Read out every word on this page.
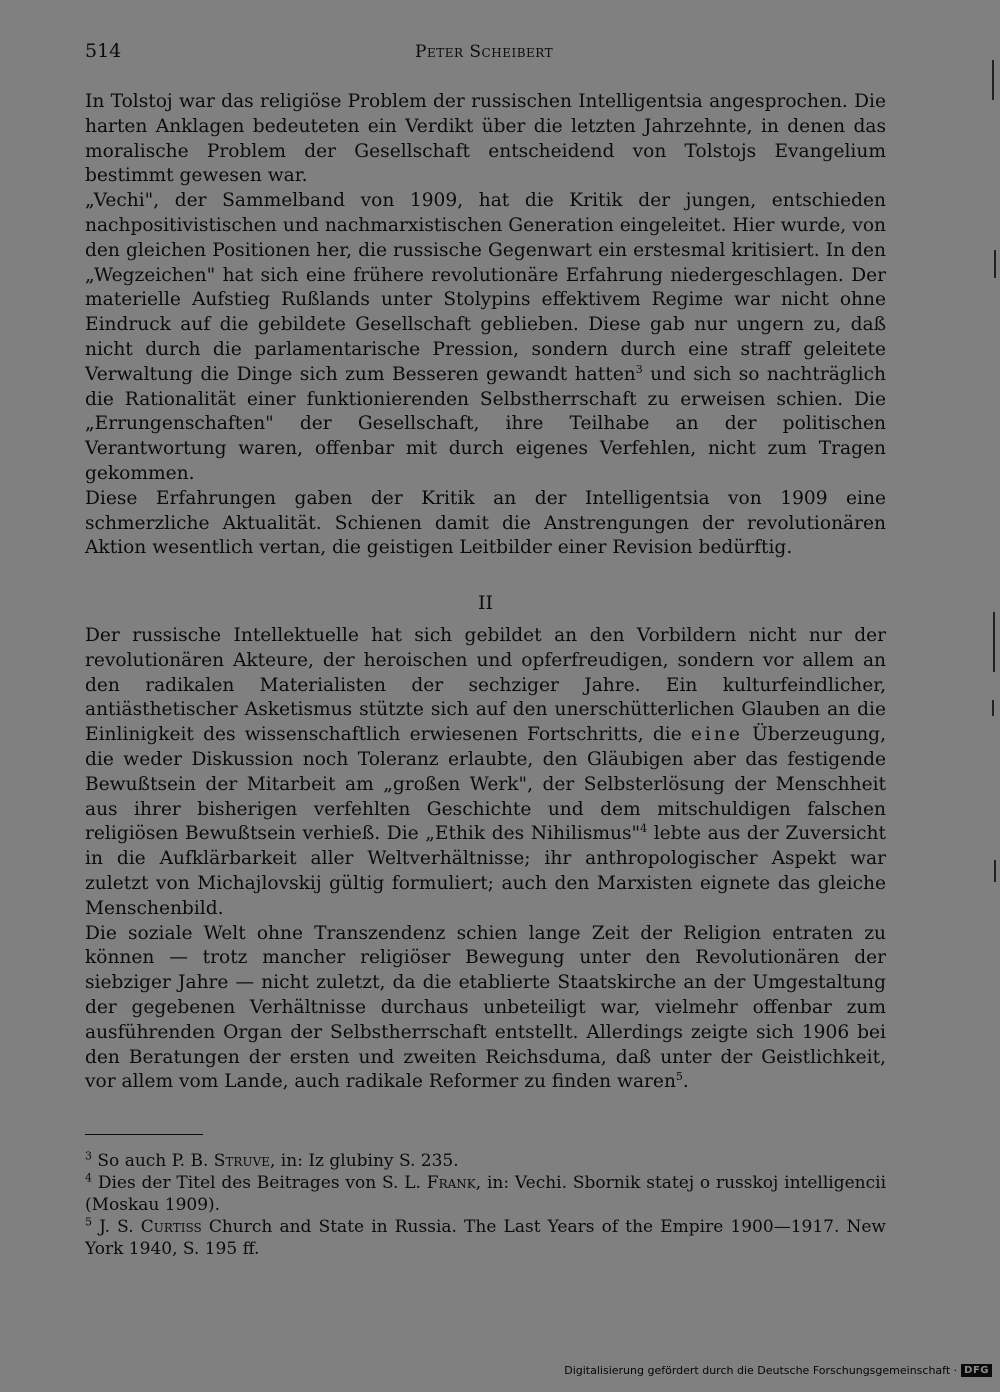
514	Peter Scheibert

In Tolstoj war das religiöse Problem der russischen Intelligentsia angesprochen. Die harten Anklagen bedeuteten ein Verdikt über die letzten Jahrzehnte, in denen das moralische Problem der Gesellschaft entscheidend von Tolstojs Evangelium bestimmt gewesen war.

„Vechi", der Sammelband von 1909, hat die Kritik der jungen, entschieden nachpositivistischen und nachmarxistischen Generation eingeleitet. Hier wurde, von den gleichen Positionen her, die russische Gegenwart ein erstesmal kritisiert. In den „Wegzeichen" hat sich eine frühere revolutionäre Erfahrung niedergeschlagen. Der materielle Aufstieg Rußlands unter Stolypins effektivem Regime war nicht ohne Eindruck auf die gebildete Gesellschaft geblieben. Diese gab nur ungern zu, daß nicht durch die parlamentarische Pression, sondern durch eine straff geleitete Verwaltung die Dinge sich zum Besseren gewandt hatten$^3$ und sich so nachträglich die Rationalität einer funktionierenden Selbstherrschaft zu erweisen schien. Die „Errungenschaften" der Gesellschaft, ihre Teilhabe an der politischen Verantwortung waren, offenbar mit durch eigenes Verfehlen, nicht zum Tragen gekommen.

Diese Erfahrungen gaben der Kritik an der Intelligentsia von 1909 eine schmerzliche Aktualität. Schienen damit die Anstrengungen der revolutionären Aktion wesentlich vertan, die geistigen Leitbilder einer Revision bedürftig.

II

Der russische Intellektuelle hat sich gebildet an den Vorbildern nicht nur der revolutionären Akteure, der heroischen und opferfreudigen, sondern vor allem an den radikalen Materialisten der sechziger Jahre. Ein kulturfeindlicher, antiästhetischer Asketismus stützte sich auf den unerschütterlichen Glauben an die Einlinigkeit des wissenschaftlich erwiesenen Fortschritts, die eine Überzeugung, die weder Diskussion noch Toleranz erlaubte, den Gläubigen aber das festigende Bewußtsein der Mitarbeit am „großen Werk", der Selbsterlösung der Menschheit aus ihrer bisherigen verfehlten Geschichte und dem mitschuldigen falschen religiösen Bewußtsein verhieß. Die „Ethik des Nihilismus"$^4$ lebte aus der Zuversicht in die Aufklärbarkeit aller Weltverhältnisse; ihr anthropologischer Aspekt war zuletzt von Michajlovskij gültig formuliert; auch den Marxisten eignete das gleiche Menschenbild.

Die soziale Welt ohne Transzendenz schien lange Zeit der Religion entraten zu können — trotz mancher religiöser Bewegung unter den Revolutionären der siebziger Jahre — nicht zuletzt, da die etablierte Staatskirche an der Umgestaltung der gegebenen Verhältnisse durchaus unbeteiligt war, vielmehr offenbar zum ausführenden Organ der Selbstherrschaft entstellt. Allerdings zeigte sich 1906 bei den Beratungen der ersten und zweiten Reichsduma, daß unter der Geistlichkeit, vor allem vom Lande, auch radikale Reformer zu finden waren$^5$.

$^3$ So auch P. B. Struve, in: Iz glubiny S. 235.

$^4$ Dies der Titel des Beitrages von S. L. Frank, in: Vechi. Sbornik statej o russkoj intelligencii (Moskau 1909).

$^5$ J. S. Curtiss Church and State in Russia. The Last Years of the Empire 1900—1917. New York 1940, S. 195 ff.

Digitalisierung gefördert durch die Deutsche Forschungsgemeinschaft · DFG
